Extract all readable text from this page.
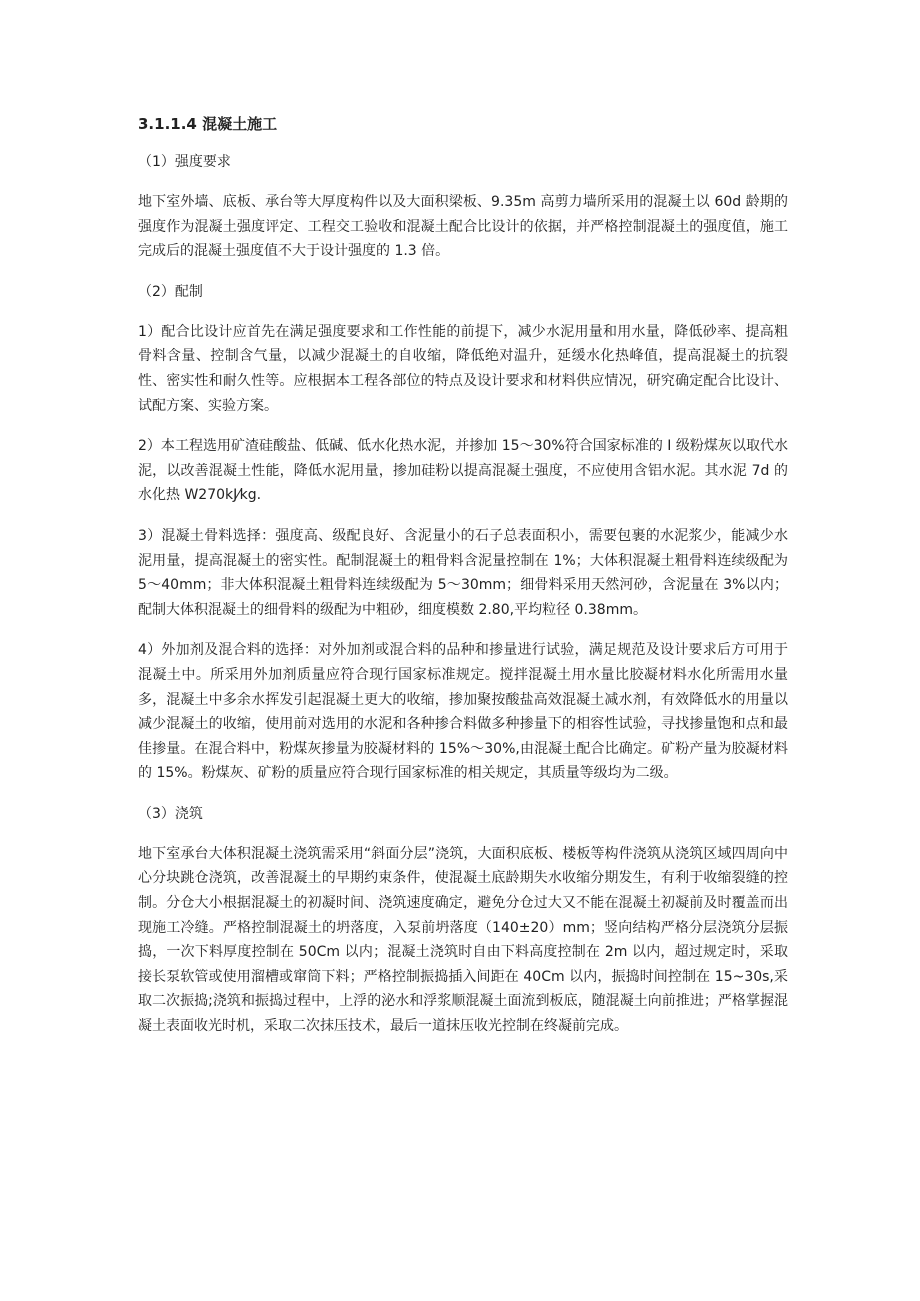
3.1.1.4 混凝土施工
（1）强度要求

地下室外墙、底板、承台等大厚度构件以及大面积梁板、9.35m 高剪力墙所采用的混凝土以 60d 龄期的强度作为混凝土强度评定、工程交工验收和混凝土配合比设计的依据，并严格控制混凝土的强度值，施工完成后的混凝土强度值不大于设计强度的 1.3 倍。

（2）配制

1）配合比设计应首先在满足强度要求和工作性能的前提下，减少水泥用量和用水量，降低砂率、提高粗骨料含量、控制含气量，以减少混凝土的自收缩，降低绝对温升，延缓水化热峰值，提高混凝土的抗裂性、密实性和耐久性等。应根据本工程各部位的特点及设计要求和材料供应情况，研究确定配合比设计、试配方案、实验方案。

2）本工程选用矿渣硅酸盐、低碱、低水化热水泥，并掺加 15～30%符合国家标准的 I 级粉煤灰以取代水泥，以改善混凝土性能，降低水泥用量，掺加硅粉以提高混凝土强度，不应使用含铝水泥。其水泥 7d 的水化热 W270kJ⁄kg.

3）混凝土骨料选择：强度高、级配良好、含泥量小的石子总表面积小，需要包裹的水泥浆少，能减少水泥用量，提高混凝土的密实性。配制混凝土的粗骨料含泥量控制在 1%；大体积混凝土粗骨料连续级配为 5～40mm；非大体积混凝土粗骨料连续级配为 5～30mm；细骨料采用天然河砂，含泥量在 3%以内；配制大体积混凝土的细骨料的级配为中粗砂，细度模数 2.80,平均粒径 0.38mm。

4）外加剂及混合料的选择：对外加剂或混合料的品种和掺量进行试验，满足规范及设计要求后方可用于混凝土中。所采用外加剂质量应符合现行国家标准规定。搅拌混凝土用水量比胶凝材料水化所需用水量多，混凝土中多余水挥发引起混凝土更大的收缩，掺加聚按酸盐高效混凝土减水剂，有效降低水的用量以减少混凝土的收缩，使用前对选用的水泥和各种掺合料做多种掺量下的相容性试验，寻找掺量饱和点和最佳掺量。在混合料中，粉煤灰掺量为胶凝材料的 15%～30%,由混凝土配合比确定。矿粉产量为胶凝材料的 15%。粉煤灰、矿粉的质量应符合现行国家标准的相关规定，其质量等级均为二级。

（3）浇筑

地下室承台大体积混凝土浇筑需采用“斜面分层”浇筑，大面积底板、楼板等构件浇筑从浇筑区域四周向中心分块跳仓浇筑，改善混凝土的早期约束条件，使混凝土底龄期失水收缩分期发生，有利于收缩裂缝的控制。分仓大小根据混凝土的初凝时间、浇筑速度确定，避免分仓过大又不能在混凝土初凝前及时覆盖而出现施工冷缝。严格控制混凝土的坍落度，入泵前坍落度（140±20）mm；竖向结构严格分层浇筑分层振捣，一次下料厚度控制在 50Cm 以内；混凝土浇筑时自由下料高度控制在 2m 以内，超过规定时，采取接长泵软管或使用溜槽或窜筒下料；严格控制振捣插入间距在 40Cm 以内，振捣时间控制在 15~30s,采取二次振捣;浇筑和振捣过程中，上浮的泌水和浮浆顺混凝土面流到板底，随混凝土向前推进；严格掌握混凝土表面收光时机，采取二次抹压技术，最后一道抹压收光控制在终凝前完成。
